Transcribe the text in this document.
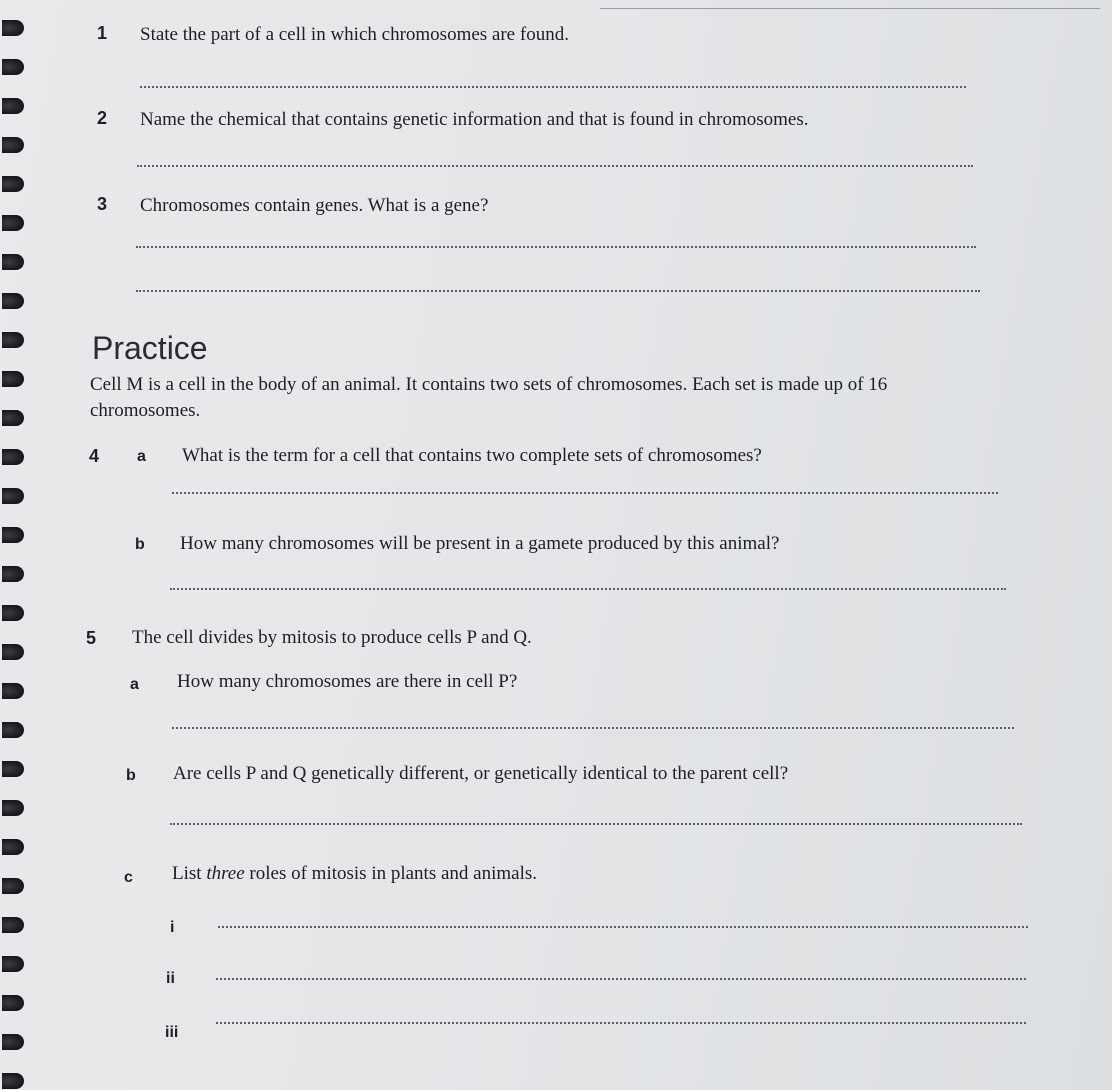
1 State the part of a cell in which chromosomes are found.
2 Name the chemical that contains genetic information and that is found in chromosomes.
3 Chromosomes contain genes. What is a gene?
Practice
Cell M is a cell in the body of an animal. It contains two sets of chromosomes. Each set is made up of 16 chromosomes.
4 a What is the term for a cell that contains two complete sets of chromosomes?
b How many chromosomes will be present in a gamete produced by this animal?
5 The cell divides by mitosis to produce cells P and Q.
a How many chromosomes are there in cell P?
b Are cells P and Q genetically different, or genetically identical to the parent cell?
c List three roles of mitosis in plants and animals.
i
ii
iii
